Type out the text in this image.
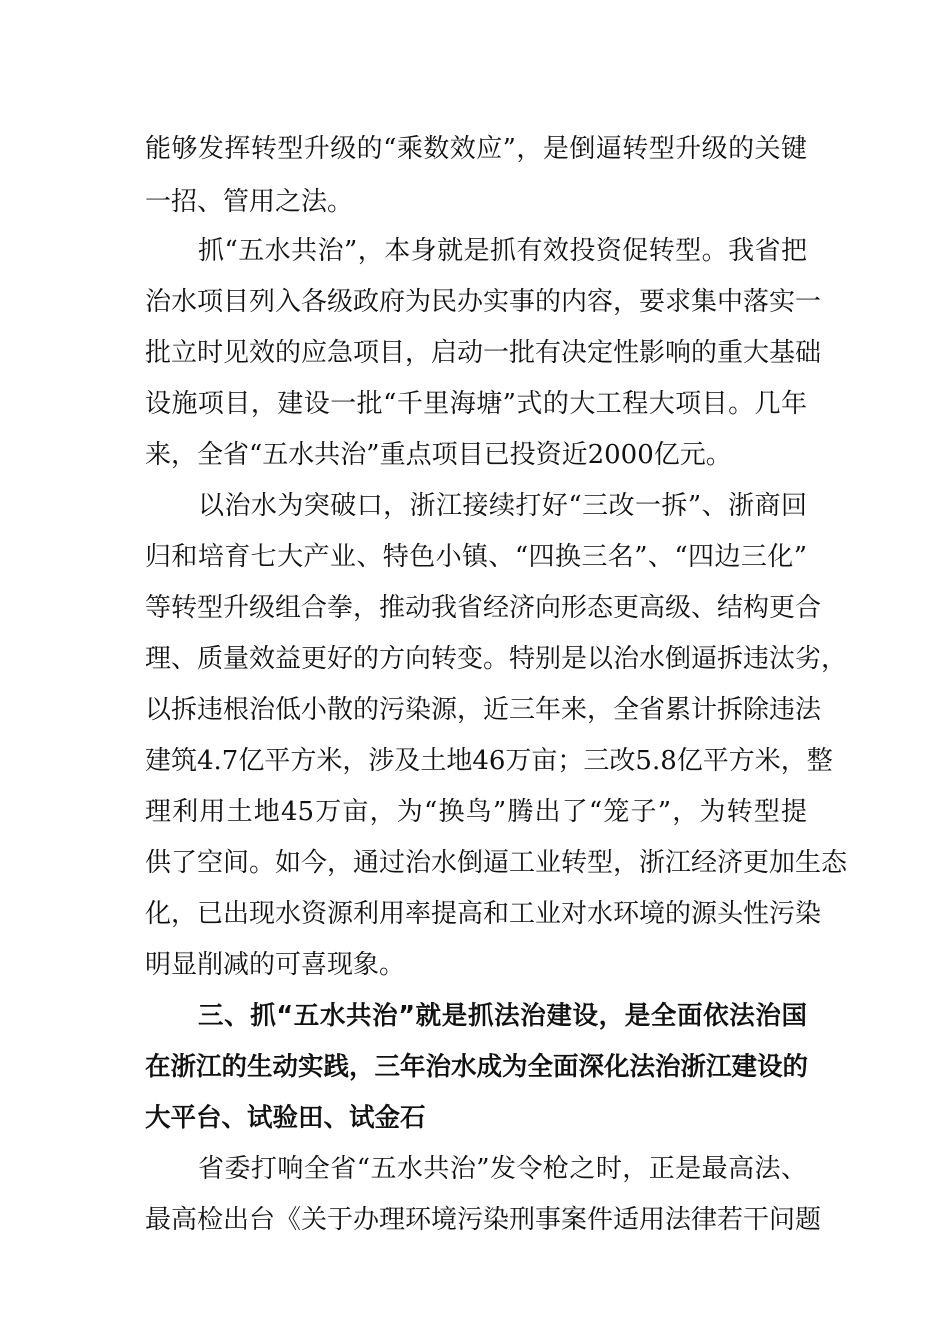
能够发挥转型升级的“乘数效应”，是倒逼转型升级的关键
一招、管用之法。
抓“五水共治”，本身就是抓有效投资促转型。我省把
治水项目列入各级政府为民办实事的内容，要求集中落实一
批立时见效的应急项目，启动一批有决定性影响的重大基础
设施项目，建设一批“千里海塘”式的大工程大项目。几年
来，全省“五水共治”重点项目已投资近2000亿元。
以治水为突破口，浙江接续打好“三改一拆”、浙商回
归和培育七大产业、特色小镇、“四换三名”、“四边三化”
等转型升级组合拳，推动我省经济向形态更高级、结构更合
理、质量效益更好的方向转变。特别是以治水倒逼拆违汰劣，
以拆违根治低小散的污染源，近三年来，全省累计拆除违法
建筑4.7亿平方米，涉及土地46万亩；三改5.8亿平方米，整
理利用土地45万亩，为“换鸟”腾出了“笼子”，为转型提
供了空间。如今，通过治水倒逼工业转型，浙江经济更加生态
化，已出现水资源利用率提高和工业对水环境的源头性污染
明显削减的可喜现象。
三、抓“五水共治”就是抓法治建设，是全面依法治国
在浙江的生动实践，三年治水成为全面深化法治浙江建设的
大平台、试验田、试金石
省委打响全省“五水共治”发令枪之时，正是最高法、
最高检出台《关于办理环境污染刑事案件适用法律若干问题
